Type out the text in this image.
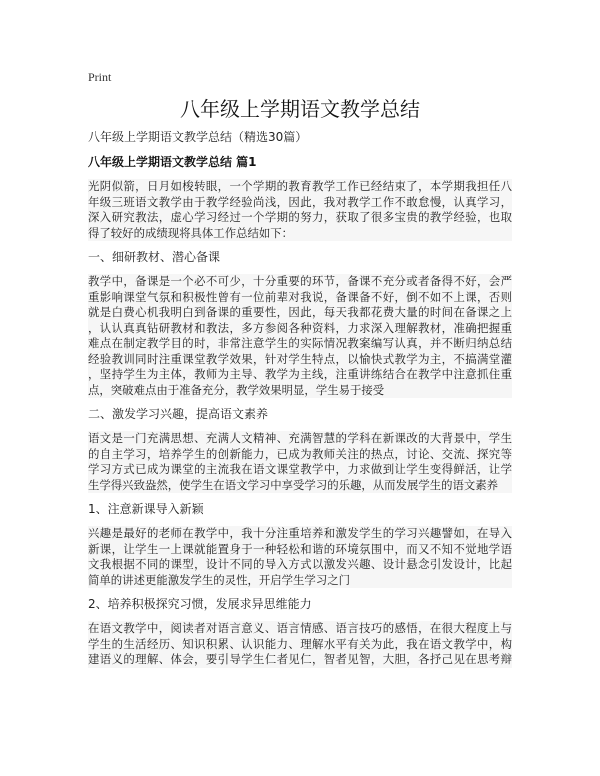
Print
八年级上学期语文教学总结
八年级上学期语文教学总结（精选30篇）
八年级上学期语文教学总结 篇1
光阴似箭，日月如梭转眼，一个学期的教育教学工作已经结束了，本学期我担任八
年级三班语文教学由于教学经验尚浅，因此，我对教学工作不敢怠慢，认真学习，
深入研究教法，虚心学习经过一个学期的努力，获取了很多宝贵的教学经验，也取
得了较好的成绩现将具体工作总结如下：
一、细研教材、潜心备课
教学中，备课是一个必不可少，十分重要的环节，备课不充分或者备得不好，会严
重影响课堂气氛和积极性曾有一位前辈对我说，备课备不好，倒不如不上课，否则
就是白费心机我明白到备课的重要性，因此，每天我都花费大量的时间在备课之上
，认认真真钻研教材和教法，多方参阅各种资料，力求深入理解教材，准确把握重
难点在制定教学目的时，非常注意学生的实际情况教案编写认真，并不断归纳总结
经验教训同时注重课堂教学效果，针对学生特点，以愉快式教学为主，不搞满堂灌
，坚持学生为主体，教师为主导、教学为主线，注重讲练结合在教学中注意抓住重
点，突破难点由于准备充分，教学效果明显，学生易于接受
二、激发学习兴趣，提高语文素养
语文是一门充满思想、充满人文精神、充满智慧的学科在新课改的大背景中，学生
的自主学习，培养学生的创新能力，已成为教师关注的热点，讨论、交流、探究等
学习方式已成为课堂的主流我在语文课堂教学中，力求做到让学生变得鲜活，让学
生学得兴致盎然，使学生在语文学习中享受学习的乐趣，从而发展学生的语文素养
1、注意新课导入新颖
兴趣是最好的老师在教学中，我十分注重培养和激发学生的学习兴趣譬如，在导入
新课，让学生一上课就能置身于一种轻松和谐的环境氛围中，而又不知不觉地学语
文我根据不同的课型，设计不同的导入方式以激发兴趣、设计悬念引发设计，比起
简单的讲述更能激发学生的灵性，开启学生学习之门
2、培养积极探究习惯，发展求异思维能力
在语文教学中，阅读者对语言意义、语言情感、语言技巧的感悟，在很大程度上与
学生的生活经历、知识积累、认识能力、理解水平有关为此，我在语文教学中，构
建语义的理解、体会，要引导学生仁者见仁，智者见智，大胆，各抒己见在思考辩
